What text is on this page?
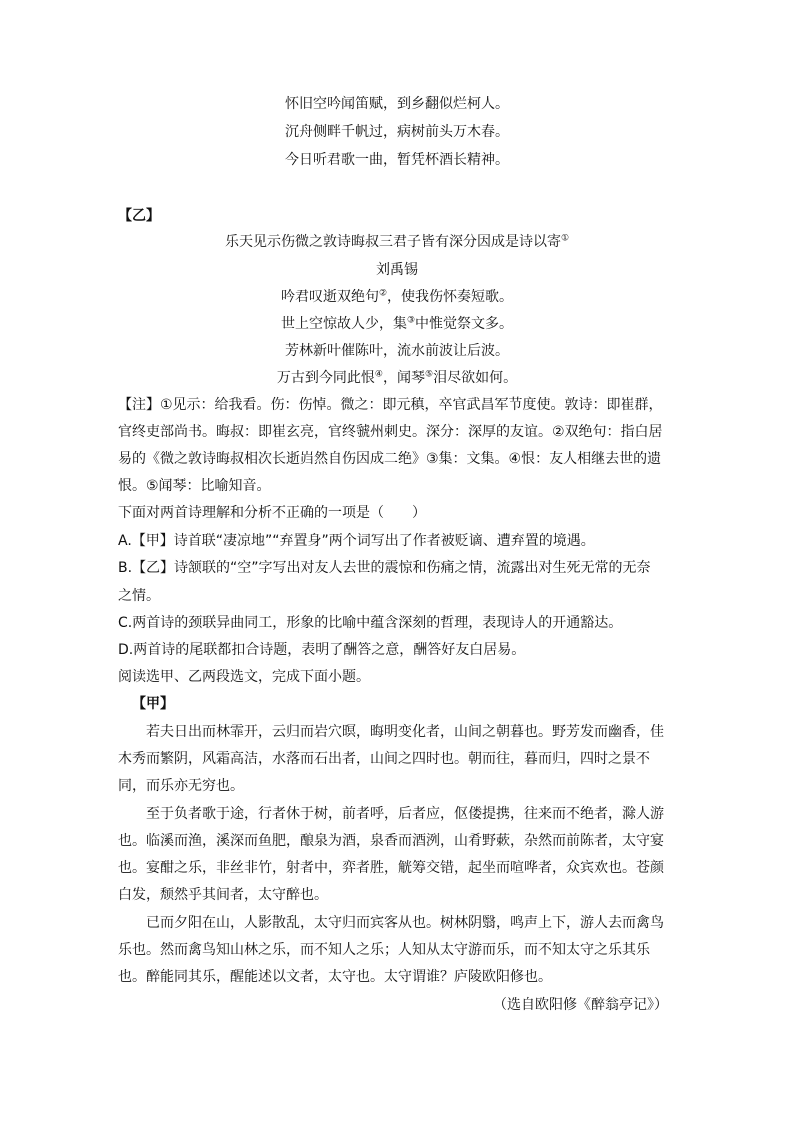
怀旧空吟闻笛赋，到乡翻似烂柯人。
沉舟侧畔千帆过，病树前头万木春。
今日听君歌一曲，暂凭杯酒长精神。
【乙】
乐天见示伤微之敦诗晦叔三君子皆有深分因成是诗以寄①
刘禹锡
吟君叹逝双绝句②，使我伤怀奏短歌。
世上空惊故人少，集③中惟觉祭文多。
芳林新叶催陈叶，流水前波让后波。
万古到今同此恨④，闻琴⑤泪尽欲如何。
【注】①见示：给我看。伤：伤悼。微之：即元稹，卒官武昌军节度使。敦诗：即崔群，
官终吏部尚书。晦叔：即崔玄亮，官终虢州刺史。深分：深厚的友谊。②双绝句：指白居
易的《微之敦诗晦叔相次长逝岿然自伤因成二绝》③集：文集。④恨：友人相继去世的遗
恨。⑤闻琴：比喻知音。
下面对两首诗理解和分析不正确的一项是（　　）
A.【甲】诗首联“凄凉地”“弃置身”两个词写出了作者被贬谪、遭弃置的境遇。
B.【乙】诗颔联的“空”字写出对友人去世的震惊和伤痛之情，流露出对生死无常的无奈
之情。
C.两首诗的颈联异曲同工，形象的比喻中蕴含深刻的哲理，表现诗人的开通豁达。
D.两首诗的尾联都扣合诗题，表明了酬答之意，酬答好友白居易。
阅读选甲、乙两段选文，完成下面小题。
【甲】
若夫日出而林霏开，云归而岩穴暝，晦明变化者，山间之朝暮也。野芳发而幽香，佳
木秀而繁阴，风霜高洁，水落而石出者，山间之四时也。朝而往，暮而归，四时之景不
同，而乐亦无穷也。
至于负者歌于途，行者休于树，前者呼，后者应，伛偻提携，往来而不绝者，滁人游
也。临溪而渔，溪深而鱼肥，酿泉为酒，泉香而酒洌，山肴野蔌，杂然而前陈者，太守宴
也。宴酣之乐，非丝非竹，射者中，弈者胜，觥筹交错，起坐而喧哗者，众宾欢也。苍颜
白发，颓然乎其间者，太守醉也。
已而夕阳在山，人影散乱，太守归而宾客从也。树林阴翳，鸣声上下，游人去而禽鸟
乐也。然而禽鸟知山林之乐，而不知人之乐；人知从太守游而乐，而不知太守之乐其乐
也。醉能同其乐，醒能述以文者，太守也。太守谓谁？庐陵欧阳修也。
（选自欧阳修《醉翁亭记》）
